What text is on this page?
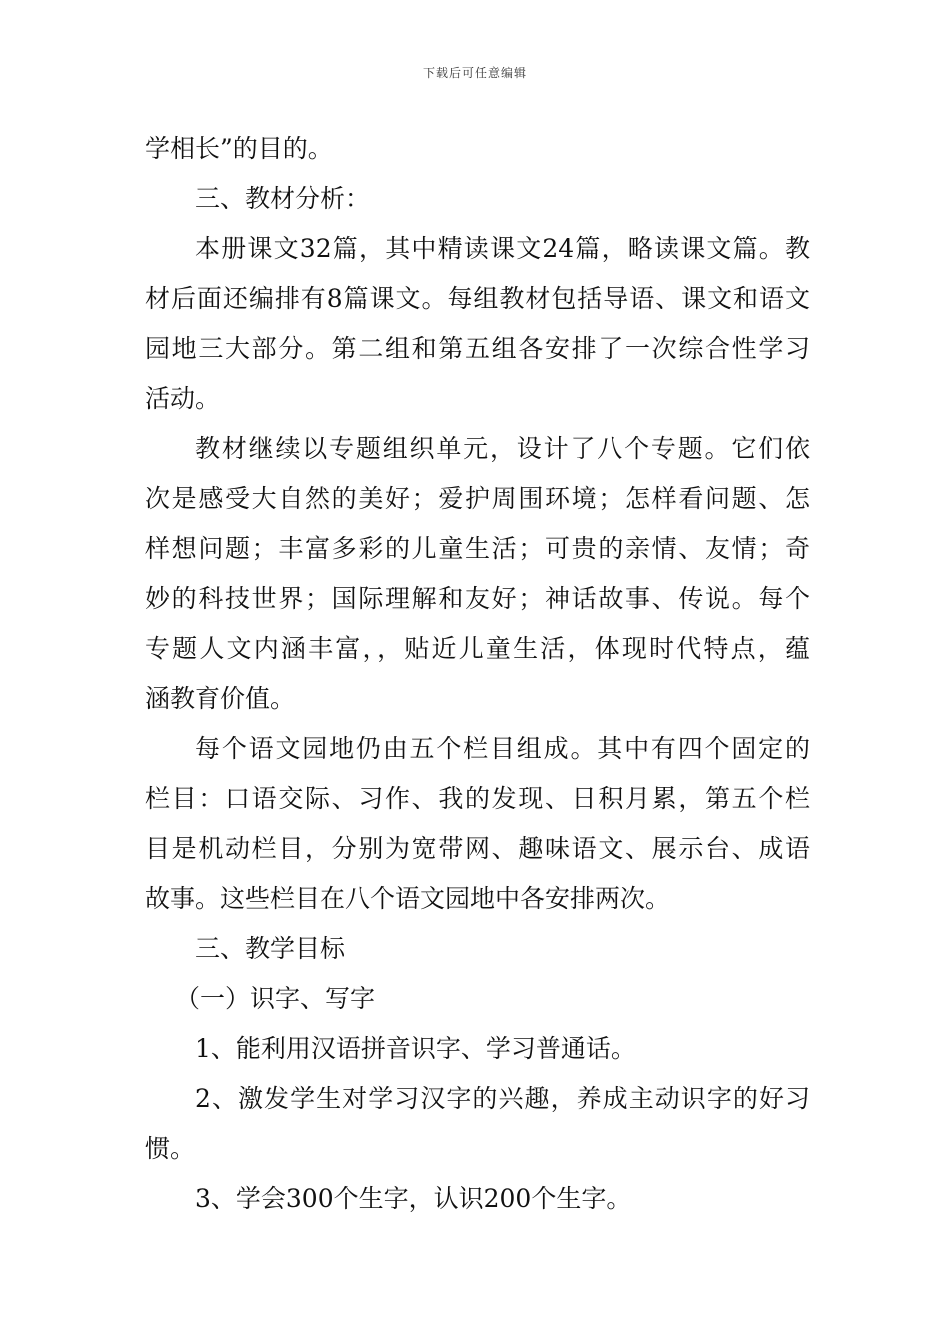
下载后可任意编辑
学相长”的目的。
三、教材分析：
本册课文32篇，其中精读课文24篇，略读课文篇。教
材后面还编排有8篇课文。每组教材包括导语、课文和语文
园地三大部分。第二组和第五组各安排了一次综合性学习
活动。
教材继续以专题组织单元，设计了八个专题。它们依
次是感受大自然的美好；爱护周围环境；怎样看问题、怎
样想问题；丰富多彩的儿童生活；可贵的亲情、友情；奇
妙的科技世界；国际理解和友好；神话故事、传说。每个
专题人文内涵丰富，，贴近儿童生活，体现时代特点，蕴
涵教育价值。
每个语文园地仍由五个栏目组成。其中有四个固定的
栏目：口语交际、习作、我的发现、日积月累，第五个栏
目是机动栏目，分别为宽带网、趣味语文、展示台、成语
故事。这些栏目在八个语文园地中各安排两次。
三、教学目标
（一）识字、写字
1、能利用汉语拼音识字、学习普通话。
2、激发学生对学习汉字的兴趣，养成主动识字的好习
惯。
3、学会300个生字，认识200个生字。
